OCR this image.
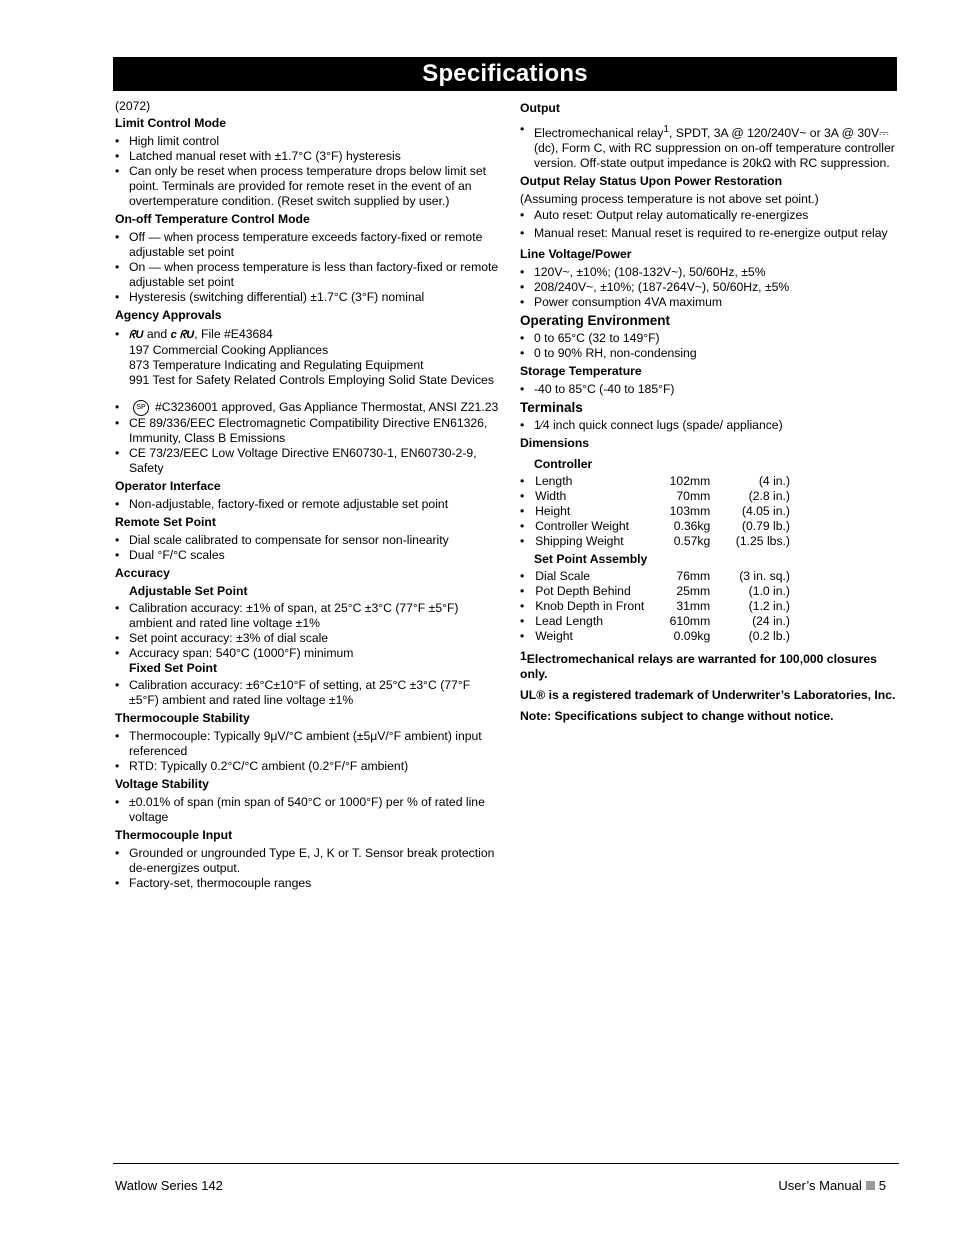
Specifications
(2072)
Limit Control Mode
• High limit control
• Latched manual reset with ±1.7°C (3°F) hysteresis
• Can only be reset when process temperature drops below limit set point. Terminals are provided for remote reset in the event of an overtemperature condition. (Reset switch supplied by user.)
On-off Temperature Control Mode
• Off — when process temperature exceeds factory-fixed or remote adjustable set point
• On — when process temperature is less than factory-fixed or remote adjustable set point
• Hysteresis (switching differential) ±1.7°C (3°F) nominal
Agency Approvals
• ᖇU and c ᖇU, File #E43684
197 Commercial Cooking Appliances
873 Temperature Indicating and Regulating Equipment
991 Test for Safety Related Controls Employing Solid State Devices
• SP #C3236001 approved, Gas Appliance Thermostat, ANSI Z21.23
• CE 89/336/EEC Electromagnetic Compatibility Directive EN61326, Immunity, Class B Emissions
• CE 73/23/EEC Low Voltage Directive EN60730-1, EN60730-2-9, Safety
Operator Interface
• Non-adjustable, factory-fixed or remote adjustable set point
Remote Set Point
• Dial scale calibrated to compensate for sensor non-linearity
• Dual °F/°C scales
Accuracy
Adjustable Set Point
• Calibration accuracy: ±1% of span, at 25°C ±3°C (77°F ±5°F) ambient and rated line voltage ±1%
• Set point accuracy: ±3% of dial scale
• Accuracy span: 540°C (1000°F) minimum
Fixed Set Point
• Calibration accuracy: ±6°C±10°F of setting, at 25°C ±3°C (77°F ±5°F) ambient and rated line voltage ±1%
Thermocouple Stability
• Thermocouple: Typically 9μV/°C ambient (±5μV/°F ambient) input referenced
• RTD: Typically 0.2°C/°C ambient (0.2°F/°F ambient)
Voltage Stability
• ±0.01% of span (min span of 540°C or 1000°F) per % of rated line voltage
Thermocouple Input
• Grounded or ungrounded Type E, J, K or T. Sensor break protection de-energizes output.
• Factory-set, thermocouple ranges
Output
• Electromechanical relay$^1$, SPDT, 3A @ 120/240V~ or 3A @ 30V⎓ (dc), Form C, with RC suppression on on-off temperature controller version. Off-state output impedance is 20kΩ with RC suppression.
Output Relay Status Upon Power Restoration
(Assuming process temperature is not above set point.)
• Auto reset: Output relay automatically re-energizes
• Manual reset: Manual reset is required to re-energize output relay
Line Voltage/Power
• 120V~, ±10%; (108-132V~), 50/60Hz, ±5%
• 208/240V~, ±10%; (187-264V~), 50/60Hz, ±5%
• Power consumption 4VA maximum
Operating Environment
• 0 to 65°C (32 to 149°F)
• 0 to 90% RH, non-condensing
Storage Temperature
• -40 to 85°C (-40 to 185°F)
Terminals
• 1⁄4 inch quick connect lugs (spade/ appliance)
Dimensions
Controller
•	Length	102mm	(4 in.)
•	Width	70mm	(2.8 in.)
•	Height	103mm	(4.05 in.)
•	Controller Weight	0.36kg	(0.79 lb.)
•	Shipping Weight	0.57kg	(1.25 lbs.)
Set Point Assembly
•	Dial Scale	76mm	(3 in. sq.)
•	Pot Depth Behind	25mm	(1.0 in.)
•	Knob Depth in Front	31mm	(1.2 in.)
•	Lead Length	610mm	(24 in.)
•	Weight	0.09kg	(0.2 lb.)
$^1$Electromechanical relays are warranted for 100,000 closures only.
UL® is a registered trademark of Underwriter’s Laboratories, Inc.
Note: Specifications subject to change without notice.
Watlow Series 142	User’s Manual 5
